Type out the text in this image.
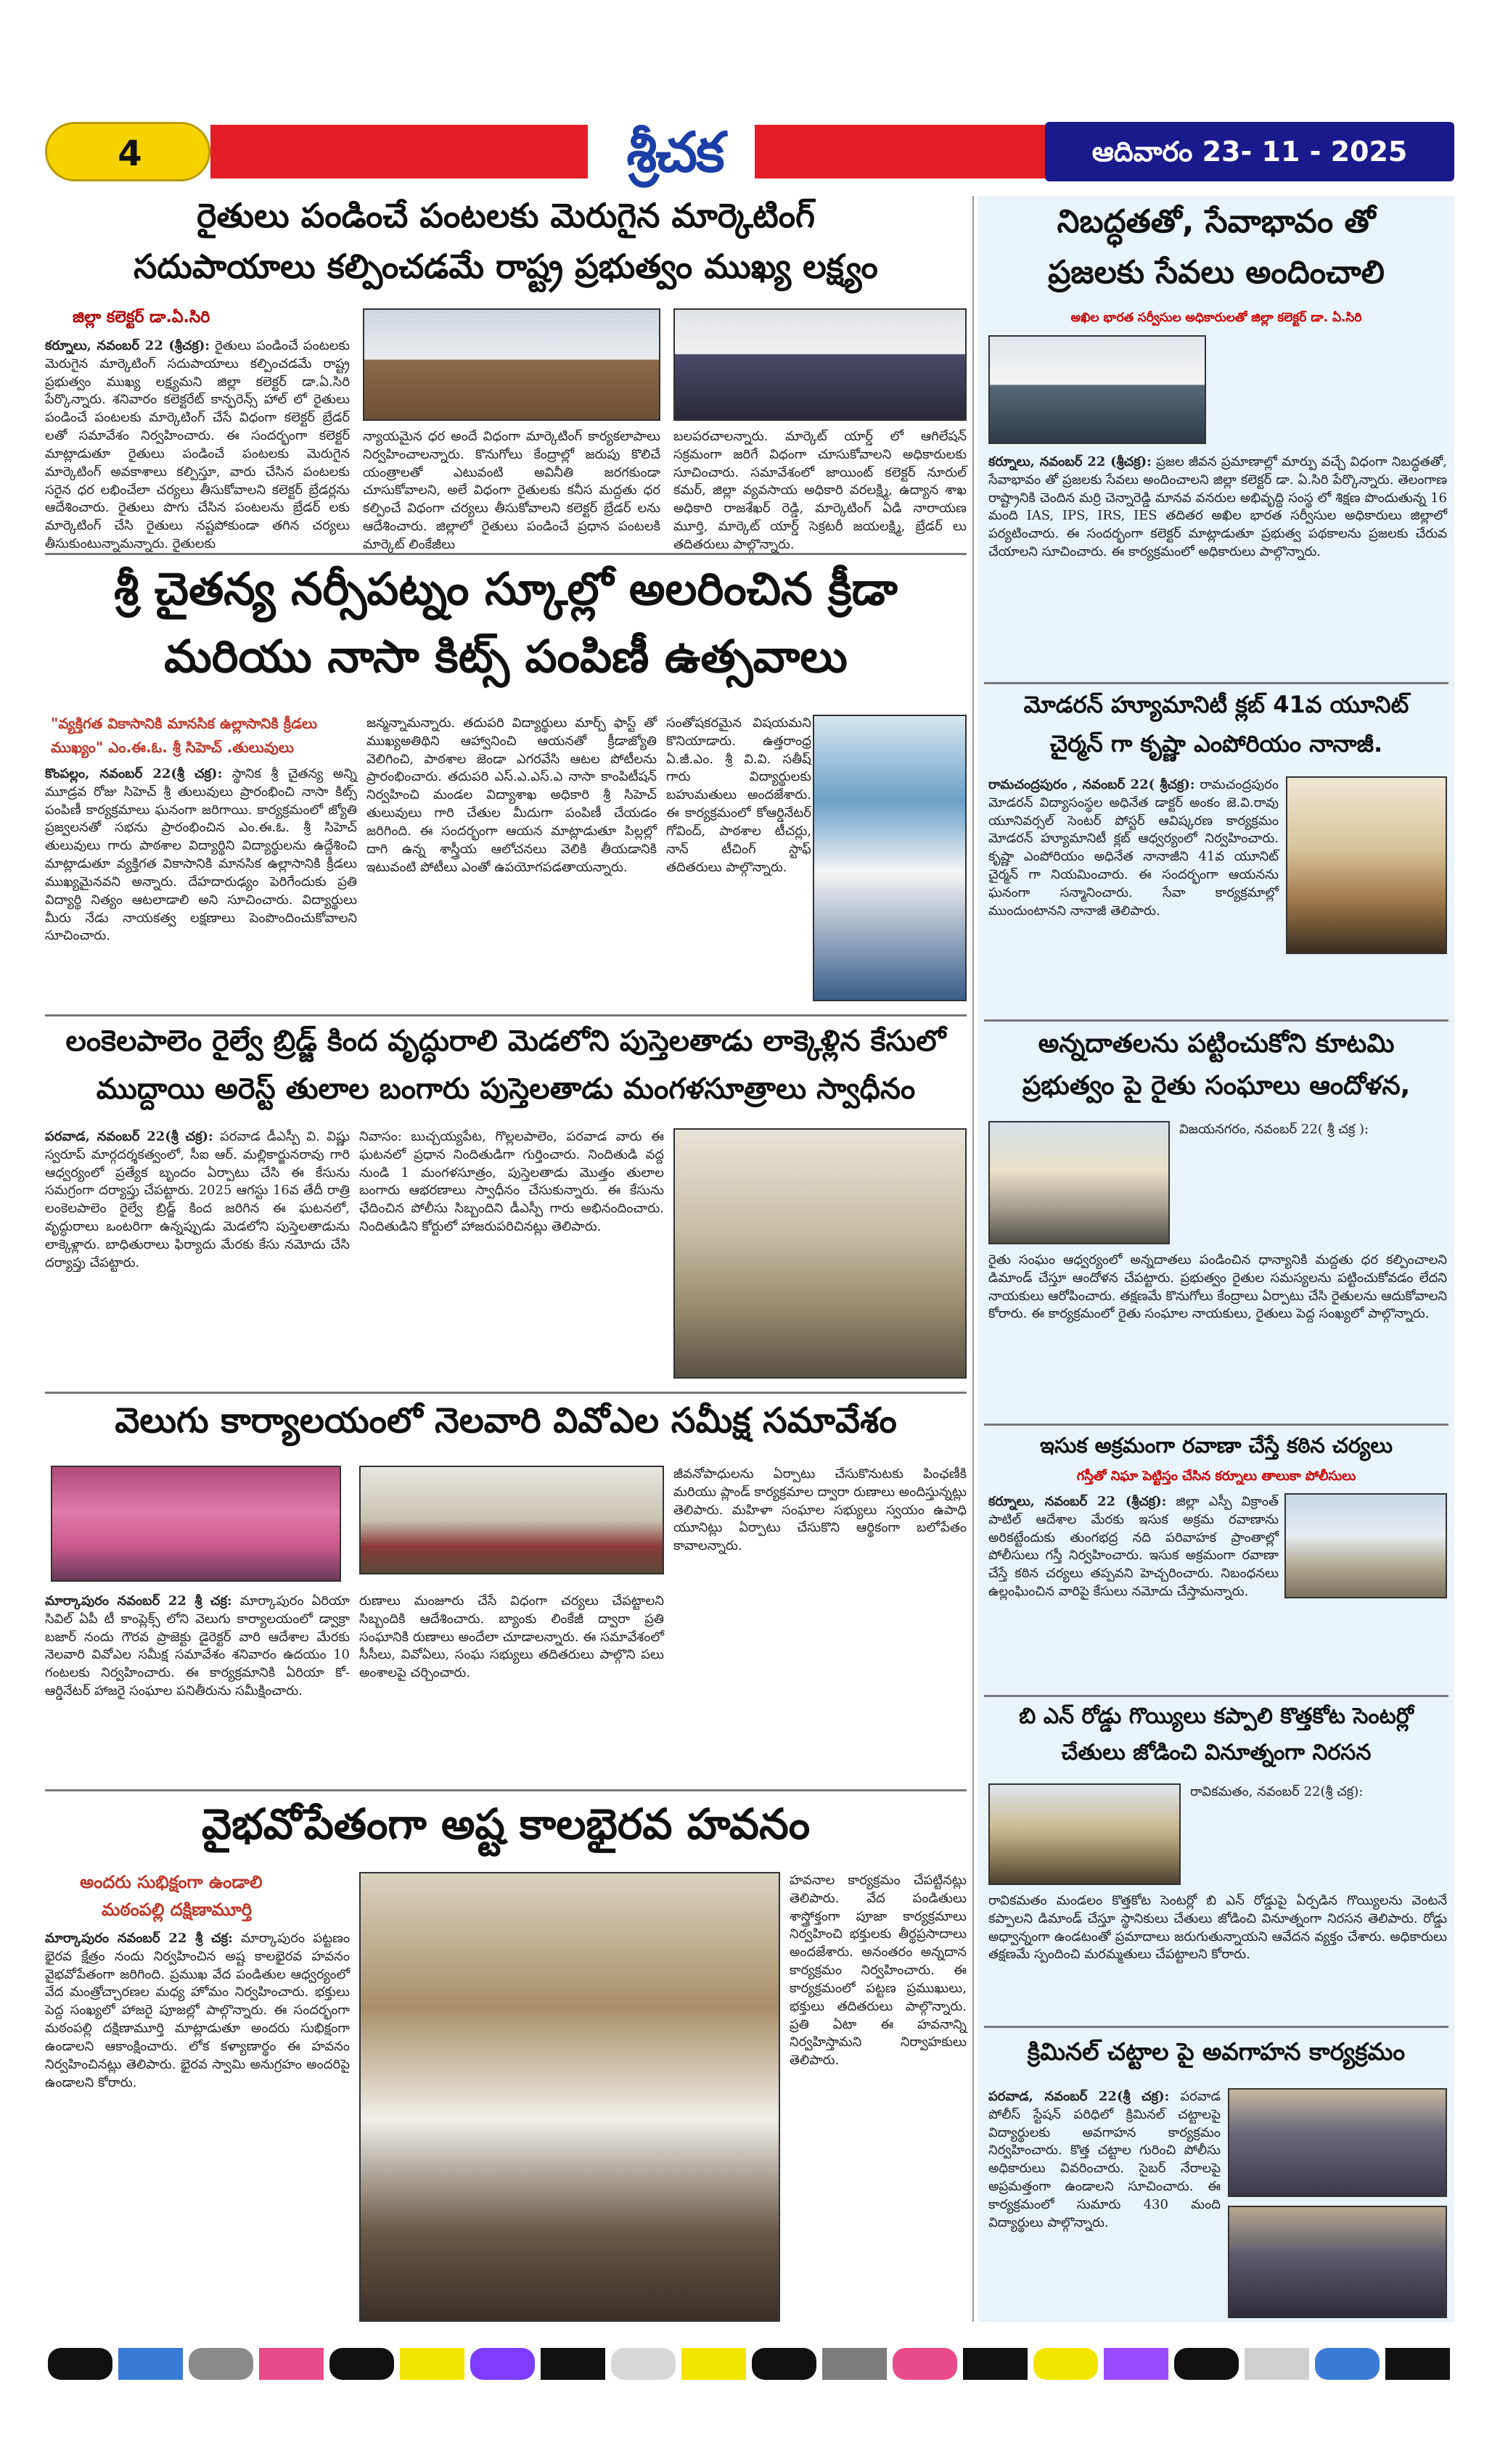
4	శ్రీచక	ఆదివారం 23- 11 - 2025
రైతులు పండించే పంటలకు మెరుగైన మార్కెటింగ్
సదుపాయాలు కల్పించడమే రాష్ట్ర ప్రభుత్వం ముఖ్య లక్ష్యం
జిల్లా కలెక్టర్ డా.ఏ.సిరి
కర్నూలు, నవంబర్ 22 (శ్రీచక్ర): రైతులు పండించే పంటలకు మెరుగైన మార్కెటింగ్ సదుపాయాలు కల్పించడమే రాష్ట్ర ప్రభుత్వం ముఖ్య లక్ష్యమని జిల్లా కలెక్టర్ డా.ఏ.సిరి పేర్కొన్నారు. శనివారం కలెక్టరేట్ కాన్ఫరెన్స్ హాల్ లో రైతులు పండించే పంటలకు మార్కెటింగ్ చేసే విధంగా కలెక్టర్ బ్రేడర్ లతో సమావేశం నిర్వహించారు. ఈ సందర్భంగా కలెక్టర్ మాట్లాడుతూ రైతులు పండించే పంటలకు మెరుగైన మార్కెటింగ్ అవకాశాలు కల్పిస్తూ, వారు చేసిన పంటలకు సరైన ధర లభించేలా చర్యలు తీసుకోవాలని కలెక్టర్ బ్రేడర్లను ఆదేశించారు. రైతులు పొగు చేసిన పంటలను బ్రేడర్ లకు మార్కెటింగ్ చేసి రైతులు నష్టపోకుండా తగిన చర్యలు తీసుకుంటున్నామన్నారు. రైతులకు
న్యాయమైన ధర అందే విధంగా మార్కెటింగ్ కార్యకలాపాలు నిర్వహించాలన్నారు. కొనుగోలు కేంద్రాల్లో జరుపు కొలిచే యంత్రాలతో ఎటువంటి అవినీతి జరగకుండా చూసుకోవాలని, అలే విధంగా రైతులకు కనీస మద్దతు ధర కల్పించే విధంగా చర్యలు తీసుకోవాలని కలెక్టర్ బ్రేడర్ లను ఆదేశించారు. జిల్లాలో రైతులు పండించే ప్రధాన పంటలకి మార్కెట్ లింకేజీలు
బలపరచాలన్నారు. మార్కెట్ యార్డ్ లో ఆగిలేషన్ సక్రమంగా జరిగే విధంగా చూసుకోవాలని అధికారులకు సూచించారు. సమావేశంలో జాయింట్ కలెక్టర్ నూరుల్ కమర్, జిల్లా వ్యవసాయ అధికారి వరలక్ష్మి, ఉద్యాన శాఖ అధికారి రాజశేఖర్ రెడ్డి, మార్కెటింగ్ ఏడి నారాయణ మూర్తి, మార్కెట్ యార్డ్ సెక్రటరీ జయలక్ష్మి, బ్రేడర్ లు తదితరులు పాల్గొన్నారు.
శ్రీ చైతన్య నర్సీపట్నం స్కూల్లో అలరించిన క్రీడా
మరియు నాసా కిట్స్ పంపిణీ ఉత్సవాలు
"వ్యక్తిగత వికాసానికి మానసిక ఉల్లాసానికి క్రీడలు
ముఖ్యం" ఎం.ఈ.ఓ. శ్రీ సిహెచ్ .తులువులు
కొంపల్లం, నవంబర్ 22(శ్రీ చక్ర): స్థానిక శ్రీ చైతన్య అన్ని మూడ్రవ రోజు సిహెచ్ శ్రీ తులువులు ప్రారంభించి నాసా కిట్స్ పంపిణీ కార్యక్రమాలు ఘనంగా జరిగాయి. కార్యక్రమంలో జ్యోతి ప్రజ్వలనతో సభను ప్రారంభించిన ఎం.ఈ.ఓ. శ్రీ సిహెచ్ తులువులు గారు పాఠశాల విద్యార్థిని విద్యార్థులను ఉద్దేశించి మాట్లాడుతూ వ్యక్తిగత వికాసానికి మానసిక ఉల్లాసానికి క్రీడలు ముఖ్యమైనవని అన్నారు. దేహదారుఢ్యం పెరిగేందుకు ప్రతి విద్యార్థి నిత్యం ఆటలాడాలి అని సూచించారు. విద్యార్థులు మీరు నేడు నాయకత్వ లక్షణాలు పెంపొందించుకోవాలని సూచించారు.
జన్మన్నామన్నారు. తదుపరి విద్యార్థులు మార్చ్ ఫాస్ట్ తో ముఖ్యఅతిథిని ఆహ్వానించి ఆయనతో క్రీడాజ్యోతి వెలిగించి, పాఠశాల జెండా ఎగరవేసి ఆటల పోటీలను ప్రారంభించారు. తదుపరి ఎస్.ఎ.ఎస్.ఎ నాసా కాంపిటీషన్ నిర్వహించి మండల విద్యాశాఖ అధికారి శ్రీ సిహెచ్ తులువులు గారి చేతుల మీదుగా పంపిణీ చేయడం జరిగింది. ఈ సందర్భంగా ఆయన మాట్లాడుతూ పిల్లల్లో దాగి ఉన్న శాస్త్రీయ ఆలోచనలు వెలికి తీయడానికి ఇటువంటి పోటీలు ఎంతో ఉపయోగపడతాయన్నారు.
సంతోషకరమైన విషయమని కొనియాడారు. ఉత్తరాంధ్ర ఏ.జీ.ఎం. శ్రీ వి.వి. సతీష్ గారు విద్యార్థులకు బహుమతులు అందజేశారు. ఈ కార్యక్రమంలో కోఆర్డినేటర్ గోవింద్, పాఠశాల టీచర్లు, నాన్ టీచింగ్ స్టాఫ్ తదితరులు పాల్గొన్నారు.
లంకెలపాలెం రైల్వే బ్రిడ్జ్ కింద వృద్ధురాలి మెడలోని పుస్తెలతాడు లాక్కెళ్లిన కేసులో
ముద్దాయి అరెస్ట్ తులాల బంగారు పుస్తెలతాడు మంగళసూత్రాలు స్వాధీనం
పరవాడ, నవంబర్ 22(శ్రీ చక్ర): పరవాడ డీఎస్పీ వి. విష్ణు స్వరూప్ మార్గదర్శకత్వంలో, సీఐ ఆర్. మల్లికార్జునరావు గారి ఆధ్వర్యంలో ప్రత్యేక బృందం ఏర్పాటు చేసి ఈ కేసును సమగ్రంగా దర్యాప్తు చేపట్టారు. 2025 ఆగస్టు 16వ తేదీ రాత్రి లంకెలపాలెం రైల్వే బ్రిడ్జ్ కింద జరిగిన ఈ ఘటనలో, వృద్ధురాలు ఒంటరిగా ఉన్నప్పుడు మెడలోని పుస్తెలతాడును లాక్కెళ్లారు. బాధితురాలు ఫిర్యాదు మేరకు కేసు నమోదు చేసి దర్యాప్తు చేపట్టారు.
నివాసం: బుచ్చయ్యపేట, గొల్లలపాలెం, పరవాడ వారు ఈ ఘటనలో ప్రధాన నిందితుడిగా గుర్తించారు. నిందితుడి వద్ద నుండి 1 మంగళసూత్రం, పుస్తెలతాడు మొత్తం తులాల బంగారు ఆభరణాలు స్వాధీనం చేసుకున్నారు. ఈ కేసును ఛేదించిన పోలీసు సిబ్బందిని డీఎస్పీ గారు అభినందించారు. నిందితుడిని కోర్టులో హాజరుపరిచినట్లు తెలిపారు.
వెలుగు కార్యాలయంలో నెలవారి వివోఎల సమీక్ష సమావేశం
మార్కాపురం నవంబర్ 22 శ్రీ చక్ర: మార్కాపురం ఏరియా సివిల్ ఏపీ టీ కాంప్లెక్స్ లోని వెలుగు కార్యాలయంలో డ్వాక్రా బజార్ నందు గౌరవ ప్రాజెక్టు డైరెక్టర్ వారి ఆదేశాల మేరకు నెలవారి వివోఎల సమీక్ష సమావేశం శనివారం ఉదయం 10 గంటలకు నిర్వహించారు. ఈ కార్యక్రమానికి ఏరియా కో-ఆర్డినేటర్ హాజరై సంఘాల పనితీరును సమీక్షించారు.
రుణాలు మంజూరు చేసే విధంగా చర్యలు చేపట్టాలని సిబ్బందికి ఆదేశించారు. బ్యాంకు లింకేజీ ద్వారా ప్రతి సంఘానికి రుణాలు అందేలా చూడాలన్నారు. ఈ సమావేశంలో సీసీలు, వివోఏలు, సంఘ సభ్యులు తదితరులు పాల్గొని పలు అంశాలపై చర్చించారు.
జీవనోపాధులను ఏర్పాటు చేసుకొనుటకు పింఛణీకి మరియు ప్లాండ్ కార్యక్రమాల ద్వారా రుణాలు అందిస్తున్నట్లు తెలిపారు. మహిళా సంఘాల సభ్యులు స్వయం ఉపాధి యూనిట్లు ఏర్పాటు చేసుకొని ఆర్థికంగా బలోపేతం కావాలన్నారు.
వైభవోపేతంగా అష్ట కాలభైరవ హవనం
అందరు సుభిక్షంగా ఉండాలి
మఠంపల్లి దక్షిణామూర్తి
మార్కాపురం నవంబర్ 22 శ్రీ చక్ర: మార్కాపురం పట్టణం భైరవ క్షేత్రం నందు నిర్వహించిన అష్ట కాలభైరవ హవనం వైభవోపేతంగా జరిగింది. ప్రముఖ వేద పండితుల ఆధ్వర్యంలో వేద మంత్రోచ్చారణల మధ్య హోమం నిర్వహించారు. భక్తులు పెద్ద సంఖ్యలో హాజరై పూజల్లో పాల్గొన్నారు. ఈ సందర్భంగా మఠంపల్లి దక్షిణామూర్తి మాట్లాడుతూ అందరు సుభిక్షంగా ఉండాలని ఆకాంక్షించారు. లోక కళ్యాణార్థం ఈ హవనం నిర్వహించినట్లు తెలిపారు. భైరవ స్వామి అనుగ్రహం అందరిపై ఉండాలని కోరారు.
హవనాల కార్యక్రమం చేపట్టినట్లు తెలిపారు. వేద పండితులు శాస్త్రోక్తంగా పూజా కార్యక్రమాలు నిర్వహించి భక్తులకు తీర్థప్రసాదాలు అందజేశారు. అనంతరం అన్నదాన కార్యక్రమం నిర్వహించారు. ఈ కార్యక్రమంలో పట్టణ ప్రముఖులు, భక్తులు తదితరులు పాల్గొన్నారు. ప్రతి ఏటా ఈ హవనాన్ని నిర్వహిస్తామని నిర్వాహకులు తెలిపారు.
నిబద్ధతతో, సేవాభావం తో
ప్రజలకు సేవలు అందించాలి
అఖిల భారత సర్వీసుల అధికారులతో జిల్లా కలెక్టర్ డా. ఏ.సిరి
కర్నూలు, నవంబర్ 22 (శ్రీచక్ర): ప్రజల జీవన ప్రమాణాల్లో మార్పు వచ్చే విధంగా నిబద్ధతతో, సేవాభావం తో ప్రజలకు సేవలు అందించాలని జిల్లా కలెక్టర్ డా. ఏ.సిరి పేర్కొన్నారు. తెలంగాణ రాష్ట్రానికి చెందిన మర్రి చెన్నారెడ్డి మానవ వనరుల అభివృద్ధి సంస్థ లో శిక్షణ పొందుతున్న 16 మంది IAS, IPS, IRS, IES తదితర అఖిల భారత సర్వీసుల అధికారులు జిల్లాలో పర్యటించారు. ఈ సందర్భంగా కలెక్టర్ మాట్లాడుతూ ప్రభుత్వ పథకాలను ప్రజలకు చేరువ చేయాలని సూచించారు. ఈ కార్యక్రమంలో అధికారులు పాల్గొన్నారు.
మోడరన్ హ్యూమానిటీ క్లబ్ 41వ యూనిట్
చైర్మన్ గా కృష్ణా ఎంపోరియం నానాజీ.
రామచంద్రపురం , నవంబర్ 22( శ్రీచక్ర): రామచంద్రపురం మోడరన్ విద్యాసంస్థల అధినేత డాక్టర్ అంకం జె.వి.రావు యూనివర్సల్ సెంటర్ పోస్టర్ ఆవిష్కరణ కార్యక్రమం మోడరన్ హ్యూమానిటీ క్లబ్ ఆధ్వర్యంలో నిర్వహించారు. కృష్ణా ఎంపోరియం అధినేత నానాజీని 41వ యూనిట్ చైర్మన్ గా నియమించారు. ఈ సందర్భంగా ఆయనను ఘనంగా సన్మానించారు. సేవా కార్యక్రమాల్లో ముందుంటానని నానాజీ తెలిపారు.
అన్నదాతలను పట్టించుకోని కూటమి
ప్రభుత్వం పై రైతు సంఘాలు ఆందోళన,
విజయనగరం, నవంబర్ 22( శ్రీ చక్ర ):
రైతు సంఘం ఆధ్వర్యంలో అన్నదాతలు పండించిన ధాన్యానికి మద్దతు ధర కల్పించాలని డిమాండ్ చేస్తూ ఆందోళన చేపట్టారు. ప్రభుత్వం రైతుల సమస్యలను పట్టించుకోవడం లేదని నాయకులు ఆరోపించారు. తక్షణమే కొనుగోలు కేంద్రాలు ఏర్పాటు చేసి రైతులను ఆదుకోవాలని కోరారు. ఈ కార్యక్రమంలో రైతు సంఘాల నాయకులు, రైతులు పెద్ద సంఖ్యలో పాల్గొన్నారు.
ఇసుక అక్రమంగా రవాణా చేస్తే కఠిన చర్యలు
గస్తీతో నిఘా పెట్టిస్తం చేసిన కర్నూలు తాలుకా పోలీసులు
కర్నూలు, నవంబర్ 22 (శ్రీచక్ర): జిల్లా ఎస్పీ విక్రాంత్ పాటిల్ ఆదేశాల మేరకు ఇసుక అక్రమ రవాణాను అరికట్టేందుకు తుంగభద్ర నది పరివాహక ప్రాంతాల్లో పోలీసులు గస్తీ నిర్వహించారు. ఇసుక అక్రమంగా రవాణా చేస్తే కఠిన చర్యలు తప్పవని హెచ్చరించారు. నిబంధనలు ఉల్లంఘించిన వారిపై కేసులు నమోదు చేస్తామన్నారు.
బి ఎన్ రోడ్డు గొయ్యిలు కప్పాలి కొత్తకోట సెంటర్లో
చేతులు జోడించి వినూత్నంగా నిరసన
రావికమతం, నవంబర్ 22(శ్రీ చక్ర):
రావికమతం మండలం కొత్తకోట సెంటర్లో బి ఎన్ రోడ్డుపై ఏర్పడిన గొయ్యిలను వెంటనే కప్పాలని డిమాండ్ చేస్తూ స్థానికులు చేతులు జోడించి వినూత్నంగా నిరసన తెలిపారు. రోడ్డు అధ్వాన్నంగా ఉండటంతో ప్రమాదాలు జరుగుతున్నాయని ఆవేదన వ్యక్తం చేశారు. అధికారులు తక్షణమే స్పందించి మరమ్మతులు చేపట్టాలని కోరారు.
క్రిమినల్ చట్టాల పై అవగాహన కార్యక్రమం
పరవాడ, నవంబర్ 22(శ్రీ చక్ర): పరవాడ పోలీస్ స్టేషన్ పరిధిలో క్రిమినల్ చట్టాలపై విద్యార్థులకు అవగాహన కార్యక్రమం నిర్వహించారు. కొత్త చట్టాల గురించి పోలీసు అధికారులు వివరించారు. సైబర్ నేరాలపై అప్రమత్తంగా ఉండాలని సూచించారు. ఈ కార్యక్రమంలో సుమారు 430 మంది విద్యార్థులు పాల్గొన్నారు.
